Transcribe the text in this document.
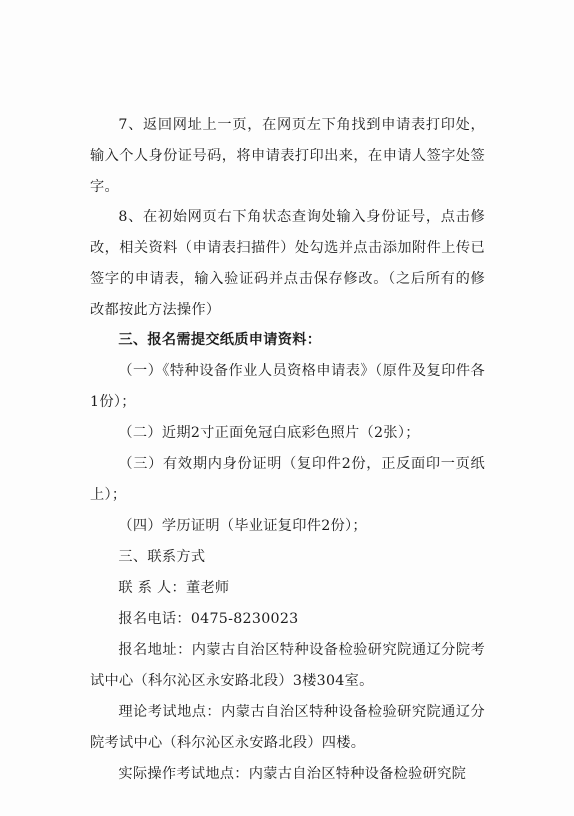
7、返回网址上一页，在网页左下角找到申请表打印处，输入个人身份证号码，将申请表打印出来，在申请人签字处签字。

8、在初始网页右下角状态查询处输入身份证号，点击修改，相关资料（申请表扫描件）处勾选并点击添加附件上传已签字的申请表，输入验证码并点击保存修改。（之后所有的修改都按此方法操作）

三、报名需提交纸质申请资料：

（一）《特种设备作业人员资格申请表》（原件及复印件各1份）；

（二）近期2寸正面免冠白底彩色照片（2张）；

（三）有效期内身份证明（复印件2份，正反面印一页纸上）；

（四）学历证明（毕业证复印件2份）；

三、联系方式

联 系 人：董老师

报名电话：0475-8230023

报名地址：内蒙古自治区特种设备检验研究院通辽分院考试中心（科尔沁区永安路北段）3楼304室。

理论考试地点：内蒙古自治区特种设备检验研究院通辽分院考试中心（科尔沁区永安路北段）四楼。

实际操作考试地点：内蒙古自治区特种设备检验研究院
